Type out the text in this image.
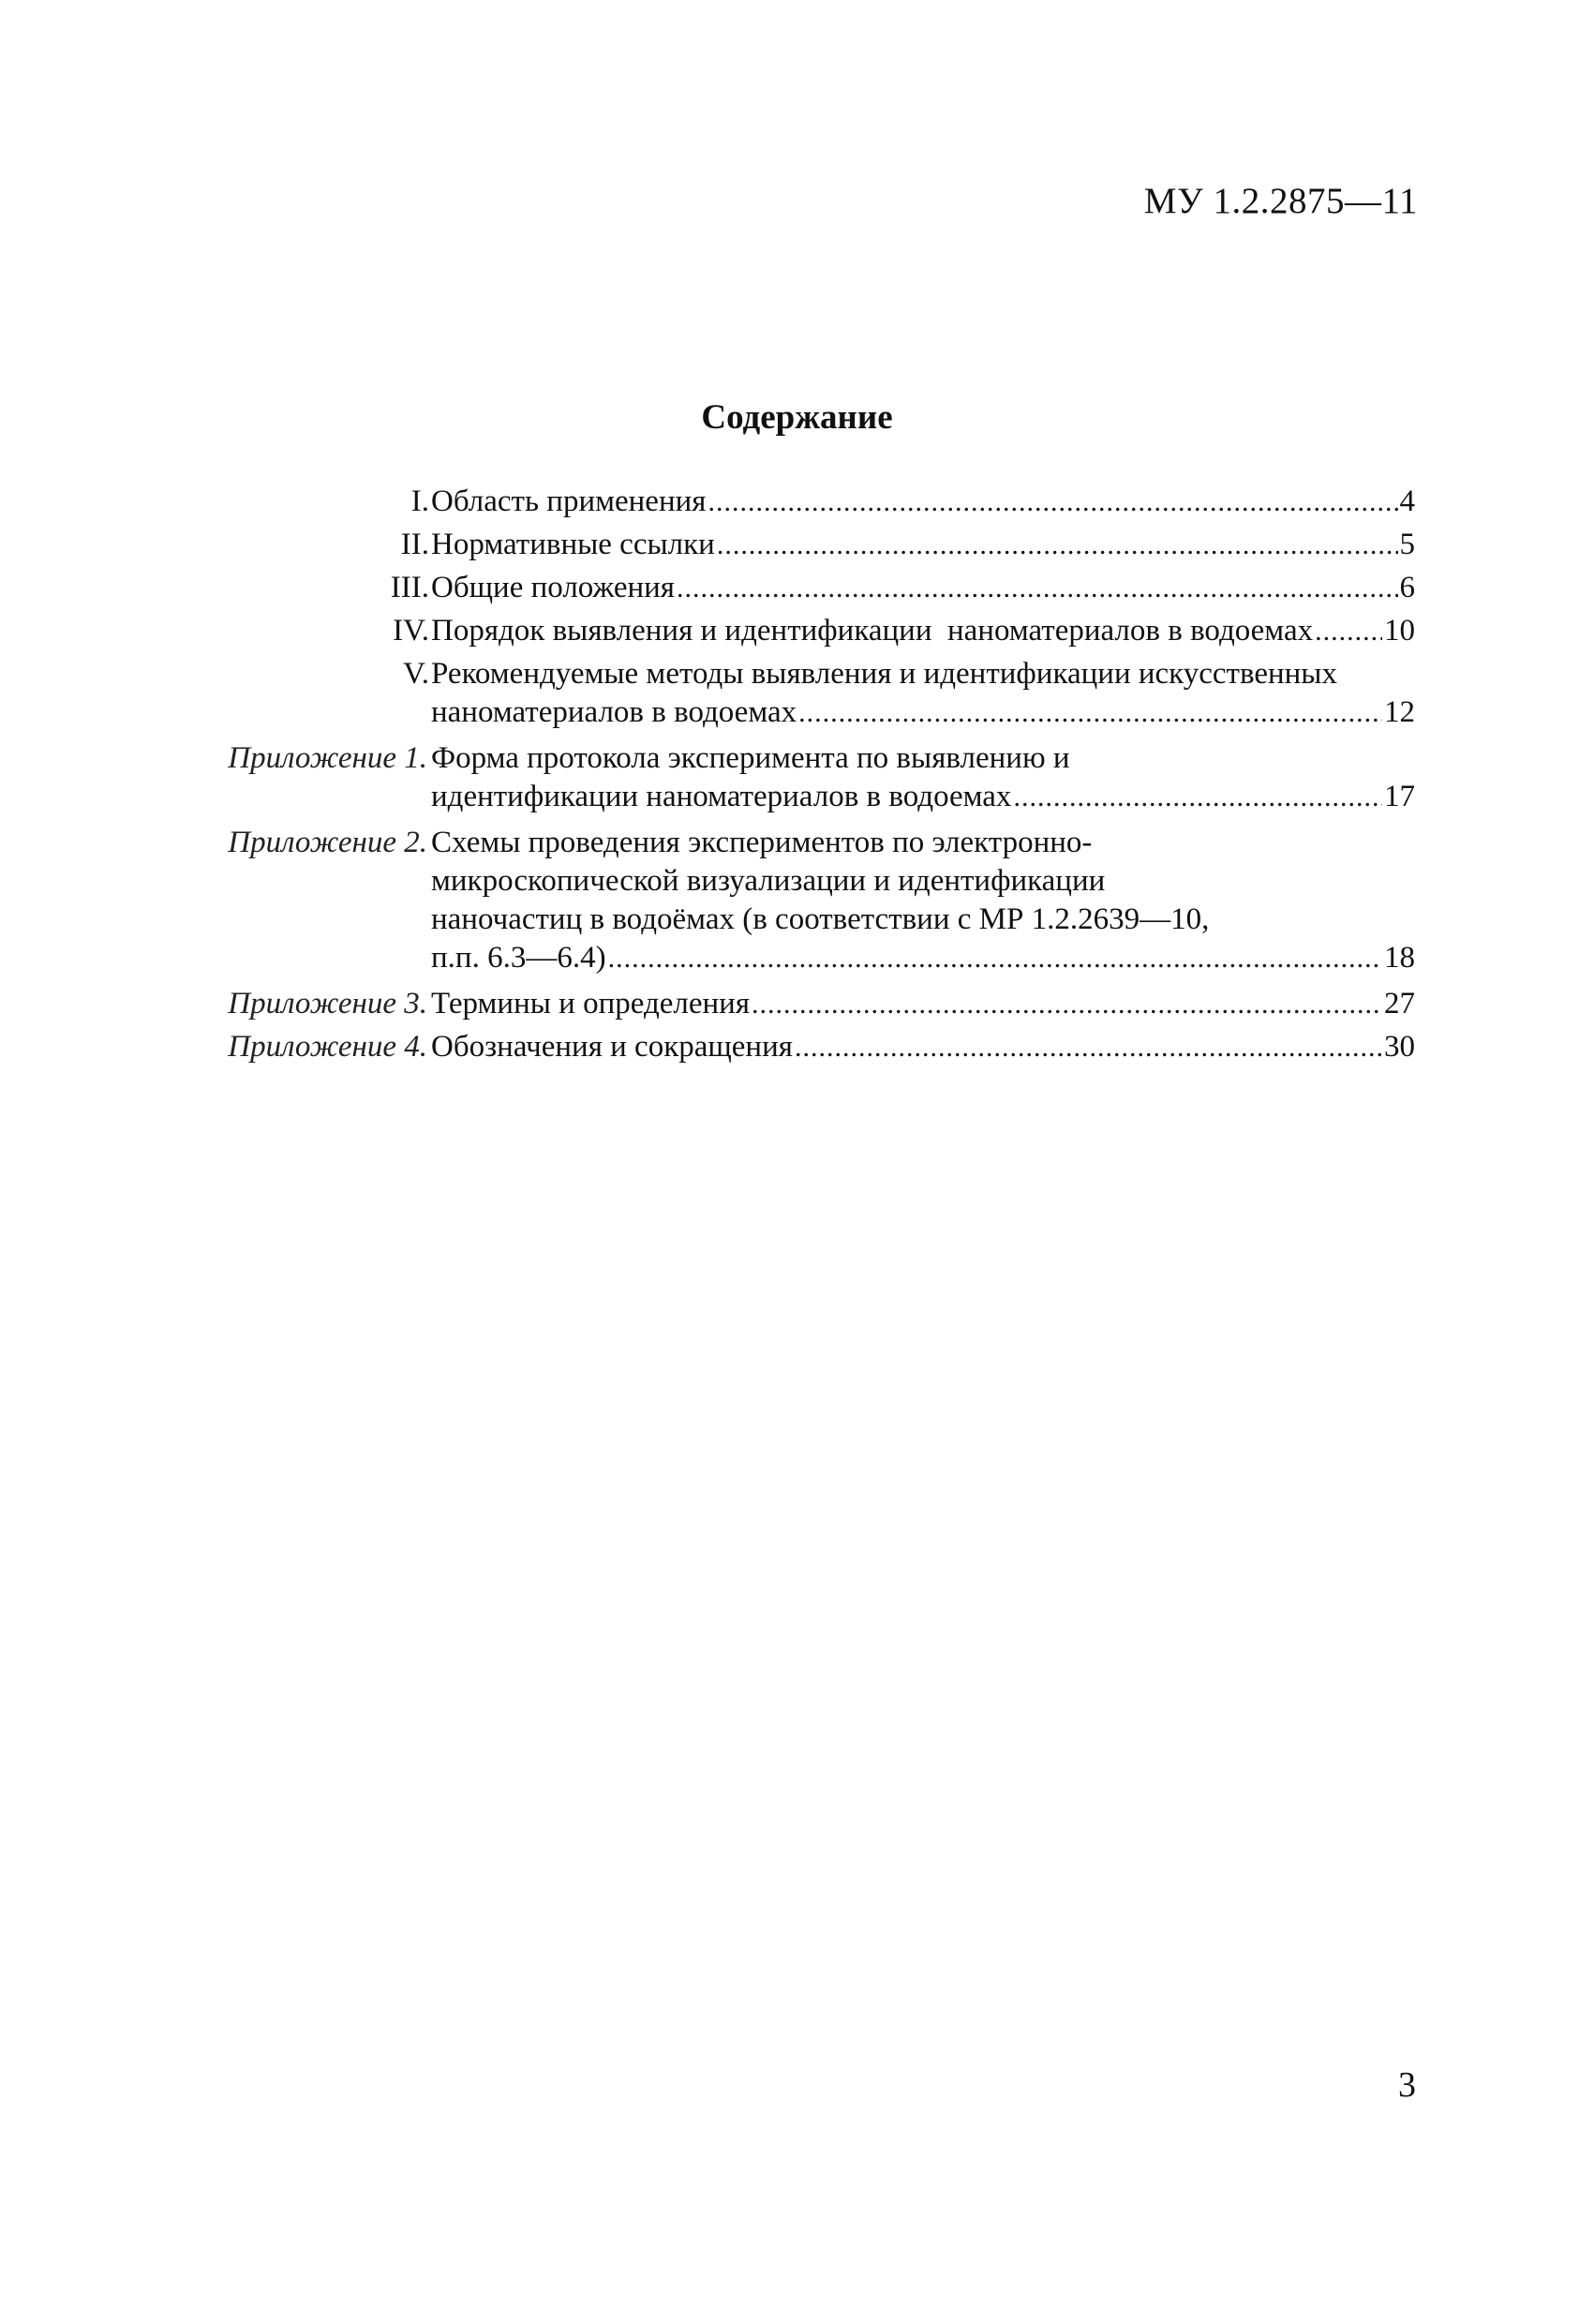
МУ 1.2.2875—11
Содержание
I. Область применения .....	4
II. Нормативные ссылки .....	5
III. Общие положения .....	6
IV. Порядок выявления и идентификации  наноматериалов в водоемах ..... 10
V. Рекомендуемые методы выявления и идентификации искусственных
наноматериалов в водоемах .....	12
Приложение 1. Форма протокола эксперимента по выявлению и
идентификации наноматериалов в водоемах .....	17
Приложение 2. Схемы проведения экспериментов по электронно-
микроскопической визуализации и идентификации
наночастиц в водоёмах (в соответствии с МР 1.2.2639—10,
п.п. 6.3—6.4) .....	18
Приложение 3. Термины и определения .....	27
Приложение 4. Обозначения и сокращения .....	30
3
